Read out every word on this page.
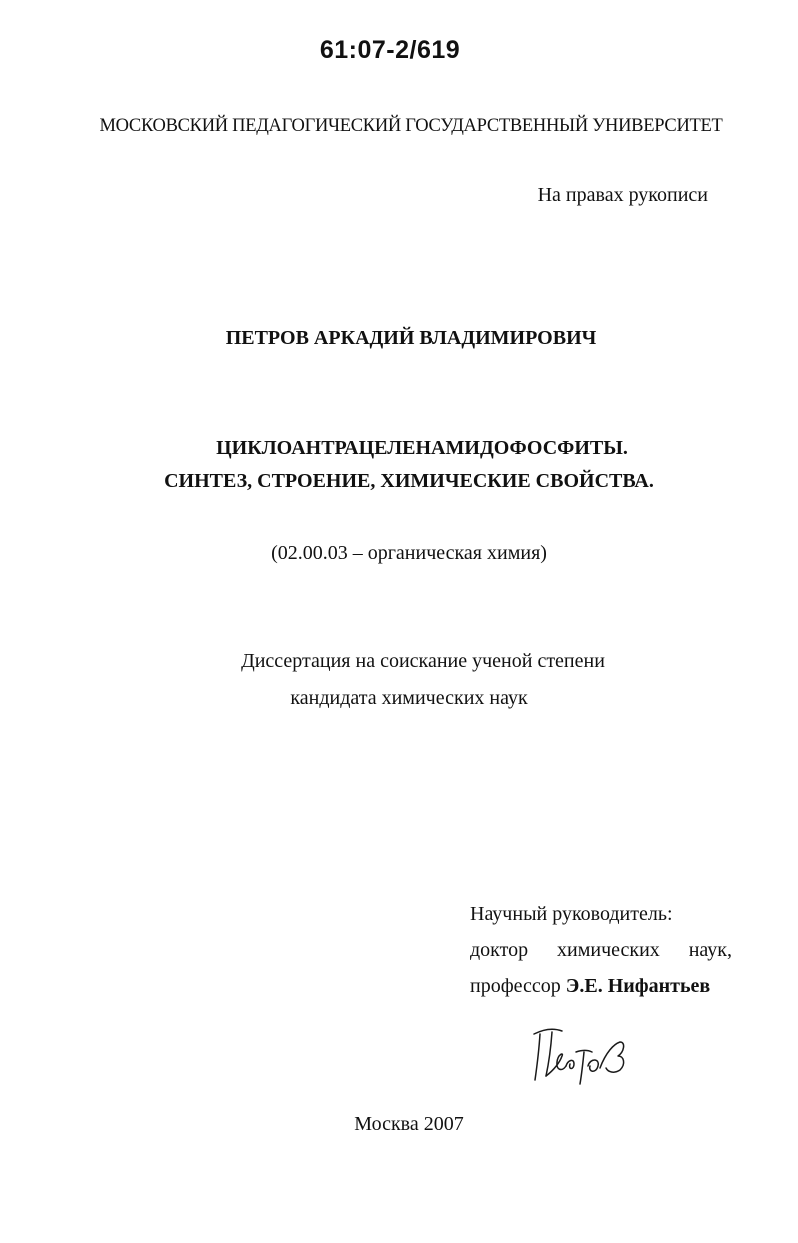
61:07-2/619
МОСКОВСКИЙ ПЕДАГОГИЧЕСКИЙ ГОСУДАРСТВЕННЫЙ УНИВЕРСИТЕТ
На правах рукописи
ПЕТРОВ АРКАДИЙ ВЛАДИМИРОВИЧ
ЦИКЛОАНТРАЦЕЛЕНАМИДОФОСФИТЫ.
СИНТЕЗ, СТРОЕНИЕ, ХИМИЧЕСКИЕ СВОЙСТВА.
(02.00.03 – органическая химия)
Диссертация на соискание ученой степени
кандидата химических наук
Научный руководитель:
доктор химических наук,
профессор Э.Е. Нифантьев
Москва 2007
